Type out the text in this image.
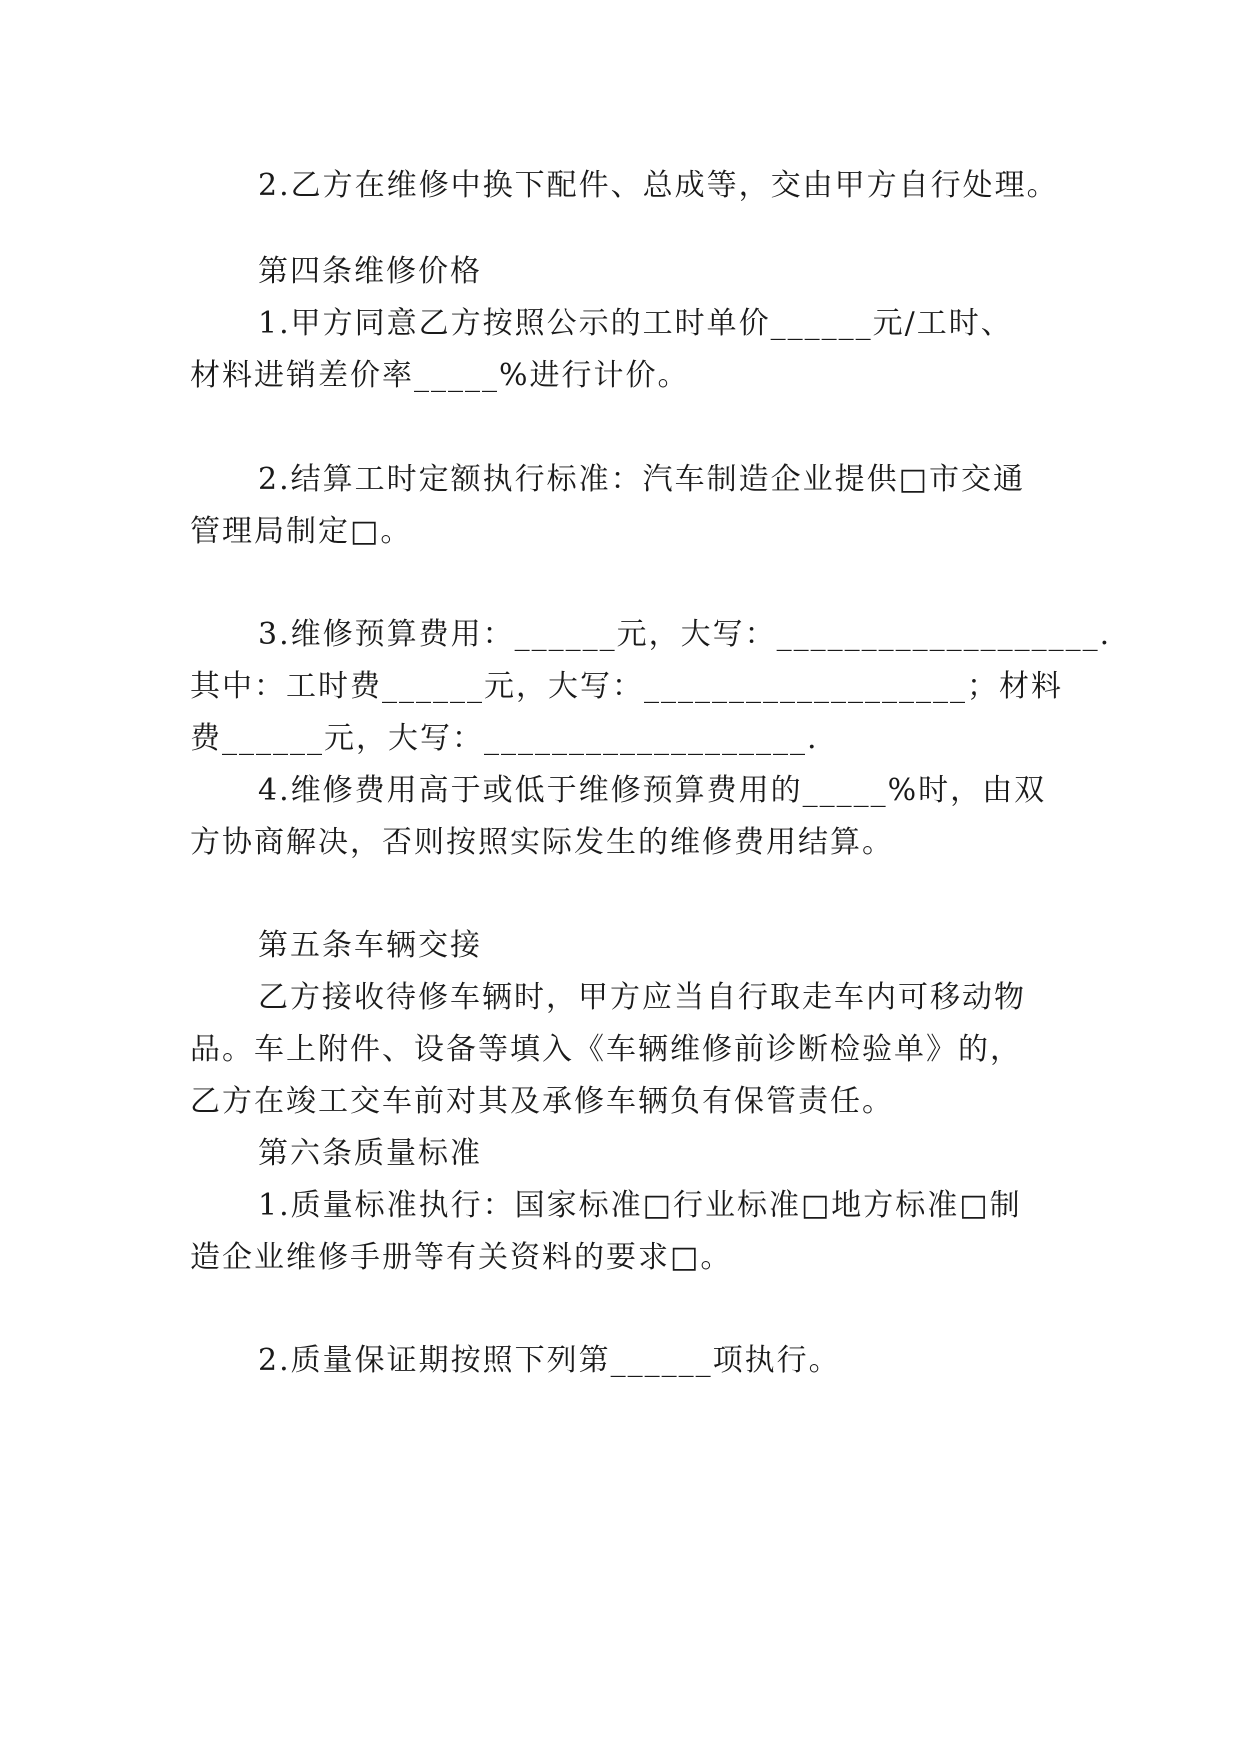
2.乙方在维修中换下配件、总成等，交由甲方自行处理。
第四条维修价格
1.甲方同意乙方按照公示的工时单价______元/工时、
材料进销差价率_____%进行计价。
2.结算工时定额执行标准：汽车制造企业提供□市交通
管理局制定□。
3.维修预算费用：______元，大写：___________________.
其中：工时费______元，大写：___________________；材料
费______元，大写：___________________.
4.维修费用高于或低于维修预算费用的_____%时，由双
方协商解决，否则按照实际发生的维修费用结算。
第五条车辆交接
乙方接收待修车辆时，甲方应当自行取走车内可移动物
品。车上附件、设备等填入《车辆维修前诊断检验单》的，
乙方在竣工交车前对其及承修车辆负有保管责任。
第六条质量标准
1.质量标准执行：国家标准□行业标准□地方标准□制
造企业维修手册等有关资料的要求□。
2.质量保证期按照下列第______项执行。
